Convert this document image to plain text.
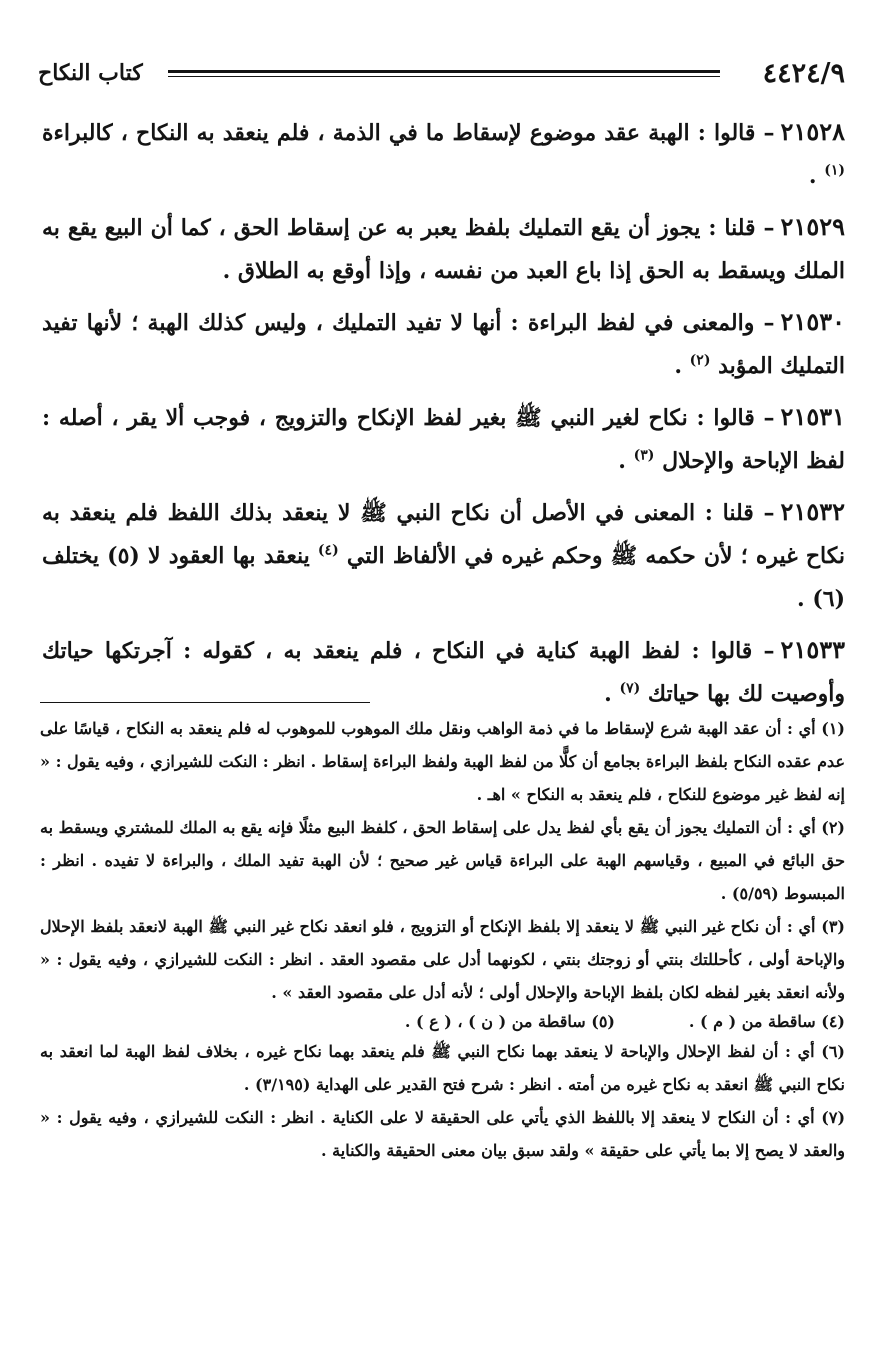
٤٤٢٤/٩
كتاب النكاح

٢١٥٢٨– قالوا : الهبة عقد موضوع لإسقاط ما في الذمة ، فلم ينعقد به النكاح ، كالبراءة $^{(١)}$ .

٢١٥٢٩– قلنا : يجوز أن يقع التمليك بلفظ يعبر به عن إسقاط الحق ، كما أن البيع يقع به الملك ويسقط به الحق إذا باع العبد من نفسه ، وإذا أوقع به الطلاق .

٢١٥٣٠– والمعنى في لفظ البراءة : أنها لا تفيد التمليك ، وليس كذلك الهبة ؛ لأنها تفيد التمليك المؤبد $^{(٢)}$ .

٢١٥٣١– قالوا : نكاح لغير النبي ﷺ بغير لفظ الإنكاح والتزويج ، فوجب ألا يقر ، أصله : لفظ الإباحة والإحلال $^{(٣)}$ .

٢١٥٣٢– قلنا : المعنى في الأصل أن نكاح النبي ﷺ لا ينعقد بذلك اللفظ فلم ينعقد به نكاح غيره ؛ لأن حكمه ﷺ وحكم غيره في الألفاظ التي $^{(٤)}$ ينعقد بها العقود لا (٥) يختلف (٦) .

٢١٥٣٣– قالوا : لفظ الهبة كناية في النكاح ، فلم ينعقد به ، كقوله : آجرتكها حياتك وأوصيت لك بها حياتك $^{(٧)}$ .

(١) أي : أن عقد الهبة شرع لإسقاط ما في ذمة الواهب ونقل ملك الموهوب للموهوب له فلم ينعقد به النكاح ، قياسًا على عدم عقده النكاح بلفظ البراءة بجامع أن كلًّا من لفظ الهبة ولفظ البراءة إسقاط . انظر : النكت للشيرازي ، وفيه يقول : « إنه لفظ غير موضوع للنكاح ، فلم ينعقد به النكاح » اهـ .

(٢) أي : أن التمليك يجوز أن يقع بأي لفظ يدل على إسقاط الحق ، كلفظ البيع مثلًا فإنه يقع به الملك للمشتري ويسقط به حق البائع في المبيع ، وقياسهم الهبة على البراءة قياس غير صحيح ؛ لأن الهبة تفيد الملك ، والبراءة لا تفيده . انظر : المبسوط (٥/٥٩) .

(٣) أي : أن نكاح غير النبي ﷺ لا ينعقد إلا بلفظ الإنكاح أو التزويج ، فلو انعقد نكاح غير النبي ﷺ الهبة لانعقد بلفظ الإحلال والإباحة أولى ، كأحللتك بنتي أو زوجتك بنتي ، لكونهما أدل على مقصود العقد . انظر : النكت للشيرازي ، وفيه يقول : « ولأنه انعقد بغير لفظه لكان بلفظ الإباحة والإحلال أولى ؛ لأنه أدل على مقصود العقد » .

(٤) ساقطة من ( م ) .
(٥) ساقطة من ( ن ) ، ( ع ) .

(٦) أي : أن لفظ الإحلال والإباحة لا ينعقد بهما نكاح النبي ﷺ فلم ينعقد بهما نكاح غيره ، بخلاف لفظ الهبة لما انعقد به نكاح النبي ﷺ انعقد به نكاح غيره من أمته . انظر : شرح فتح القدير على الهداية (٣/١٩٥) .

(٧) أي : أن النكاح لا ينعقد إلا باللفظ الذي يأتي على الحقيقة لا على الكناية . انظر : النكت للشيرازي ، وفيه يقول : « والعقد لا يصح إلا بما يأتي على حقيقة » ولقد سبق بيان معنى الحقيقة والكناية .
